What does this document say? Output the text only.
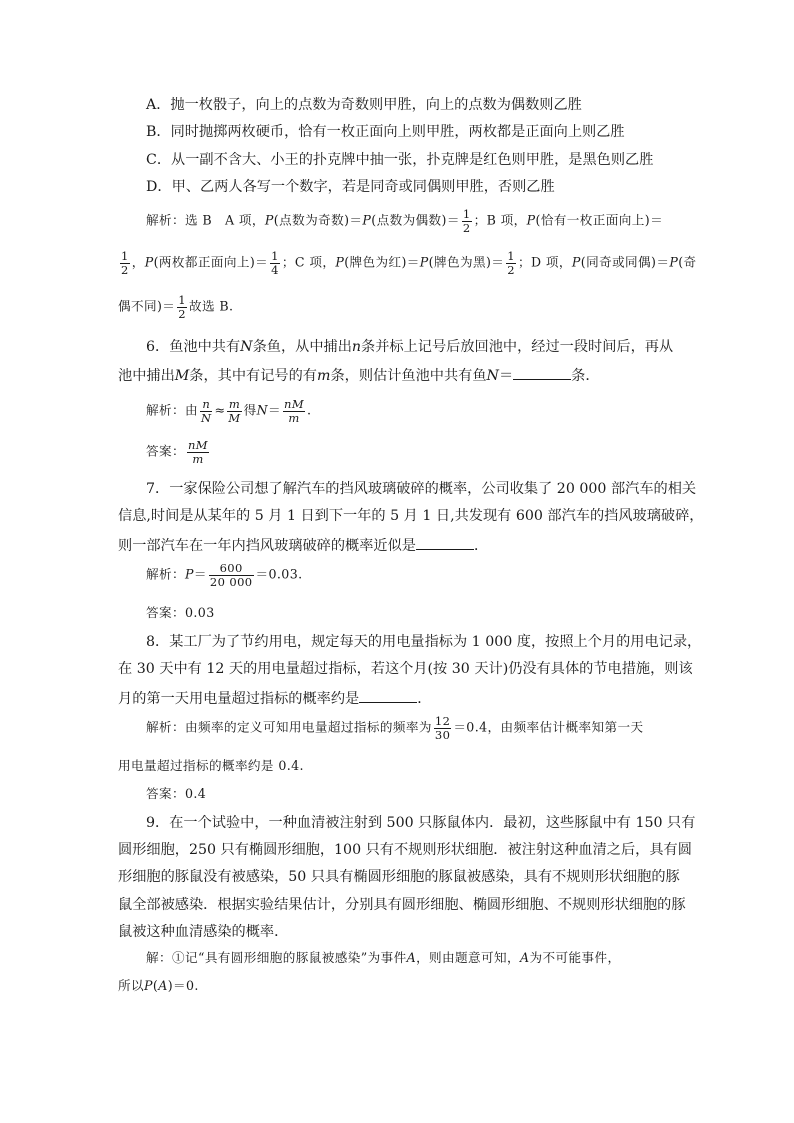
A．抛一枚骰子，向上的点数为奇数则甲胜，向上的点数为偶数则乙胜
B．同时抛掷两枚硬币，恰有一枚正面向上则甲胜，两枚都是正面向上则乙胜
C．从一副不含大、小王的扑克牌中抽一张，扑克牌是红色则甲胜，是黑色则乙胜
D．甲、乙两人各写一个数字，若是同奇或同偶则甲胜，否则乙胜
解析：选 B　A 项，P(点数为奇数)＝P(点数为偶数)＝ $\frac{1}{2}$ ；B 项，P(恰有一枚正面向上)＝
$\frac{1}{2}$ ，P(两枚都正面向上)＝ $\frac{1}{4}$ ；C 项，P(牌色为红)＝P(牌色为黑)＝ $\frac{1}{2}$ ；D 项，P(同奇或同偶)＝P(奇
偶不同)＝ $\frac{1}{2}$ 故选 B.
6．鱼池中共有N条鱼，从中捕出n条并标上记号后放回池中，经过一段时间后，再从
池中捕出M条，其中有记号的有m条，则估计鱼池中共有鱼N＝	条．
解析：由 $\frac{n}{N} \approx \frac{m}{M}$ 得$N= \frac{nM}{m}$ .
答案： $\frac{nM}{m}$
7．一家保险公司想了解汽车的挡风玻璃破碎的概率，公司收集了 20 000 部汽车的相关
信息,时间是从某年的 5 月 1 日到下一年的 5 月 1 日,共发现有 600 部汽车的挡风玻璃破碎，
则一部汽车在一年内挡风玻璃破碎的概率近似是	．
解析：$P= \frac{600}{20 000} =0.03$.
答案：0.03
8．某工厂为了节约用电，规定每天的用电量指标为 1 000 度，按照上个月的用电记录，
在 30 天中有 12 天的用电量超过指标，若这个月(按 30 天计)仍没有具体的节电措施，则该
月的第一天用电量超过指标的概率约是	．
解析：由频率的定义可知用电量超过指标的频率为 $\frac{12}{30} =0.4$，由频率估计概率知第一天
用电量超过指标的概率约是 0.4.
答案：0.4
9．在一个试验中，一种血清被注射到 500 只豚鼠体内．最初，这些豚鼠中有 150 只有
圆形细胞，250 只有椭圆形细胞，100 只有不规则形状细胞．被注射这种血清之后，具有圆
形细胞的豚鼠没有被感染，50 只具有椭圆形细胞的豚鼠被感染，具有不规则形状细胞的豚
鼠全部被感染．根据实验结果估计，分别具有圆形细胞、椭圆形细胞、不规则形状细胞的豚
鼠被这种血清感染的概率．
解：①记“具有圆形细胞的豚鼠被感染”为事件A，则由题意可知，A为不可能事件，
所以P(A)＝0.
